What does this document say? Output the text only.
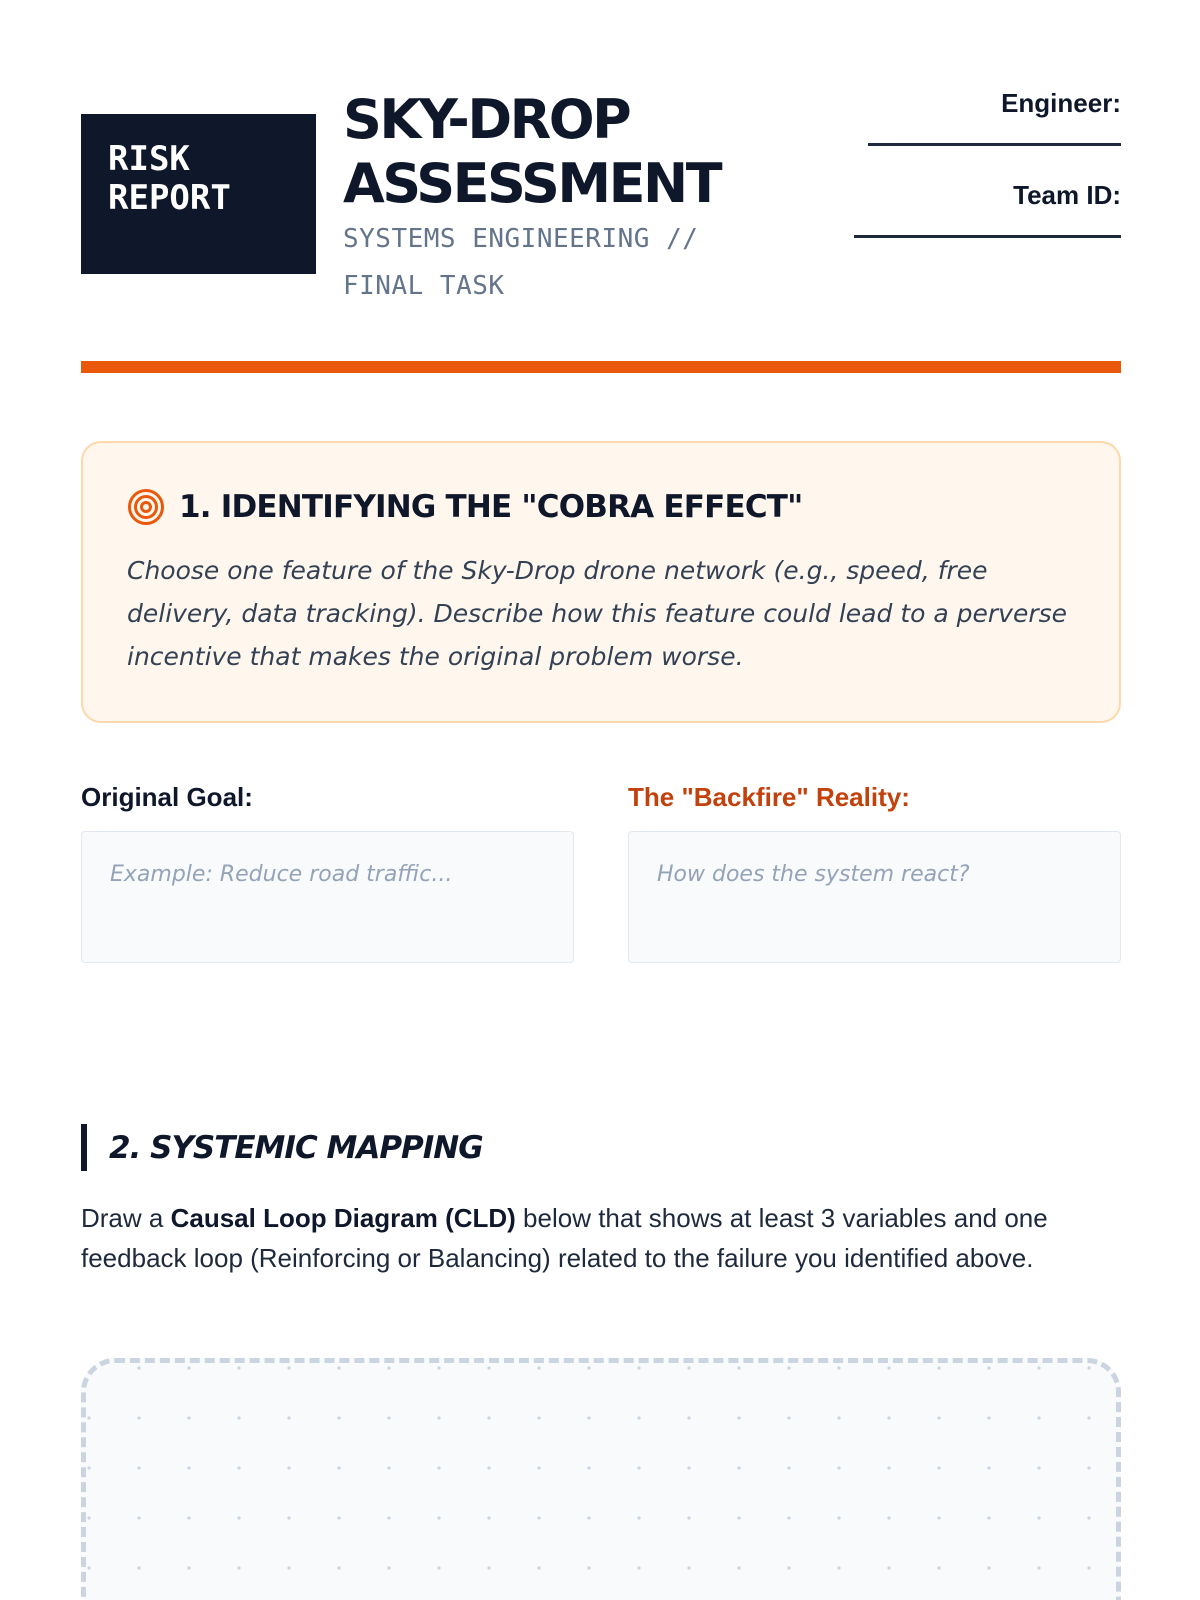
RISK
REPORT
SKY-DROP
ASSESSMENT
SYSTEMS ENGINEERING //
FINAL TASK
Engineer:
Team ID:
1. IDENTIFYING THE "COBRA EFFECT"
Choose one feature of the Sky-Drop drone network (e.g., speed, free delivery, data tracking). Describe how this feature could lead to a perverse incentive that makes the original problem worse.
Original Goal:
Example: Reduce road traffic...
The "Backfire" Reality:
How does the system react?
2. SYSTEMIC MAPPING

Draw a Causal Loop Diagram (CLD) below that shows at least 3 variables and one feedback loop (Reinforcing or Balancing) related to the failure you identified above.
